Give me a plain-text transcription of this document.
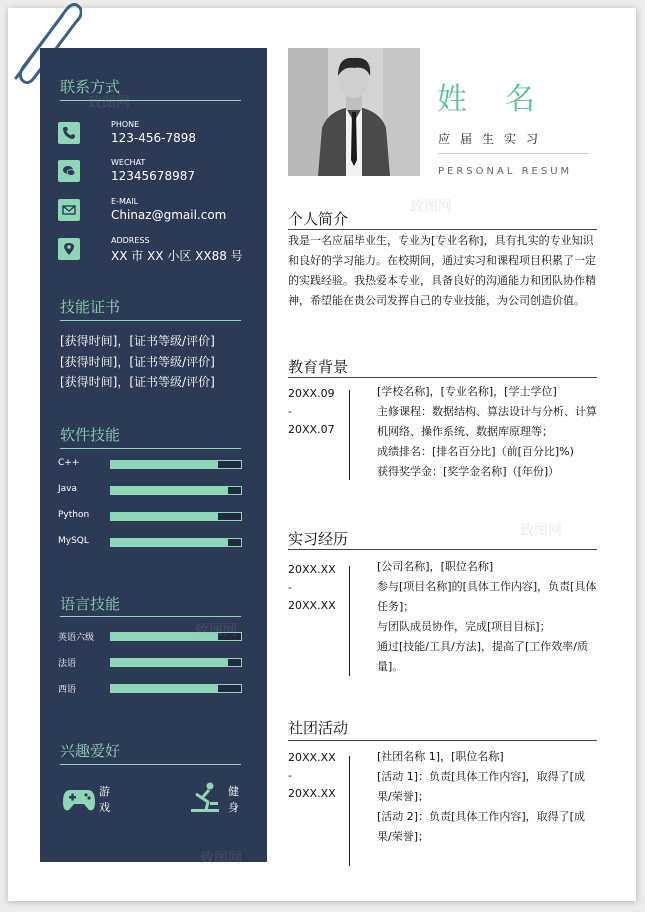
联系方式
PHONE
123-456-7898
WECHAT
12345678987
E-MAIL
Chinaz@gmail.com
ADDRESS
XX 市 XX 小区 XX88 号
技能证书
[获得时间]，[证书等级/评价]
[获得时间]，[证书等级/评价]
[获得时间]，[证书等级/评价]
软件技能
C++
Java
Python
MySQL
语言技能
英语六级
法语
西语
兴趣爱好
游戏
健身
姓名
应届生实习
PERSONAL RESUM
个人简介
我是一名应届毕业生，专业为[专业名称]，具有扎实的专业知识和良好的学习能力。在校期间，通过实习和课程项目积累了一定的实践经验。我热爱本专业，具备良好的沟通能力和团队协作精神，希望能在贵公司发挥自己的专业技能，为公司创造价值。
教育背景
20XX.09
-
20XX.07
[学校名称]，[专业名称]，[学士学位]
主修课程：数据结构、算法设计与分析、计算机网络、操作系统、数据库原理等；
成绩排名：[排名百分比]（前[百分比]%)
获得奖学金：[奖学金名称]（[年份]）
实习经历
20XX.XX
-
20XX.XX
[公司名称]，[职位名称]
参与[项目名称]的[具体工作内容]，负责[具体任务]；
与团队成员协作，完成[项目目标]；
通过[技能/工具/方法]，提高了[工作效率/质量]。
社团活动
20XX.XX
-
20XX.XX
[社团名称 1]，[职位名称]
[活动 1]：负责[具体工作内容]，取得了[成果/荣誉]；
[活动 2]：负责[具体工作内容]，取得了[成果/荣誉]；
致图网
致图网
致图网
致图网
致图网
